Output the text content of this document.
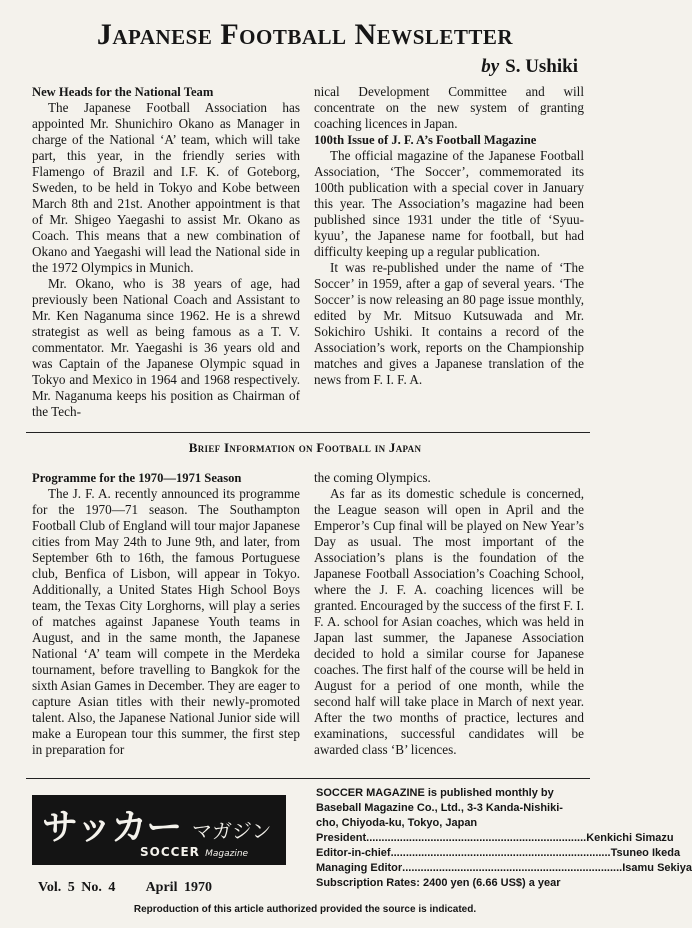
Japanese Football Newsletter
by S. Ushiki
New Heads for the National Team

The Japanese Football Association has appointed Mr. Shunichiro Okano as Manager in charge of the National ‘A’ team, which will take part, this year, in the friendly series with Flamengo of Brazil and I.F. K. of Goteborg, Sweden, to be held in Tokyo and Kobe between March 8th and 21st. Another appointment is that of Mr. Shigeo Yaegashi to assist Mr. Okano as Coach. This means that a new combination of Okano and Yaegashi will lead the National side in the 1972 Olympics in Munich.

Mr. Okano, who is 38 years of age, had previously been National Coach and Assistant to Mr. Ken Naganuma since 1962. He is a shrewd strategist as well as being famous as a T. V. commentator. Mr. Yaegashi is 36 years old and was Captain of the Japanese Olympic squad in Tokyo and Mexico in 1964 and 1968 respectively. Mr. Naganuma keeps his position as Chairman of the Tech-

nical Development Committee and will concentrate on the new system of granting coaching licences in Japan.

100th Issue of J. F. A’s Football Magazine

The official magazine of the Japanese Football Association, ‘The Soccer’, commemorated its 100th publication with a special cover in January this year. The Association’s magazine had been published since 1931 under the title of ‘Syuu-kyuu’, the Japanese name for football, but had difficulty keeping up a regular publication.

It was re-published under the name of ‘The Soccer’ in 1959, after a gap of several years. ‘The Soccer’ is now releasing an 80 page issue monthly, edited by Mr. Mitsuo Kutsuwada and Mr. Sokichiro Ushiki. It contains a record of the Association’s work, reports on the Championship matches and gives a Japanese translation of the news from F. I. F. A.

Brief Information on Football in Japan
Programme for the 1970—1971 Season

The J. F. A. recently announced its programme for the 1970—71 season. The Southampton Football Club of England will tour major Japanese cities from May 24th to June 9th, and later, from September 6th to 16th, the famous Portuguese club, Benfica of Lisbon, will appear in Tokyo. Additionally, a United States High School Boys team, the Texas City Lorghorns, will play a series of matches against Japanese Youth teams in August, and in the same month, the Japanese National ‘A’ team will compete in the Merdeka tournament, before travelling to Bangkok for the sixth Asian Games in December. They are eager to capture Asian titles with their newly-promoted talent. Also, the Japanese National Junior side will make a European tour this summer, the first step in preparation for

the coming Olympics.

As far as its domestic schedule is concerned, the League season will open in April and the Emperor’s Cup final will be played on New Year’s Day as usual. The most important of the Association’s plans is the foundation of the Japanese Football Association’s Coaching School, where the J. F. A. coaching licences will be granted. Encouraged by the success of the first F. I. F. A. school for Asian coaches, which was held in Japan last summer, the Japanese Association decided to hold a similar course for Japanese coaches. The first half of the course will be held in August for a period of one month, while the second half will take place in March of next year. After the two months of practice, lectures and examinations, successful candidates will be awarded class ‘B’ licences.

サッカー マガジン
SOCCER Magazine
Vol. 5 No. 4 April 1970
SOCCER MAGAZINE is published monthly by
Baseball Magazine Co., Ltd., 3-3 Kanda-Nishiki-
cho, Chiyoda-ku, Tokyo, Japan
President ........................................................................ Kenkichi Simazu
Editor-in-chief ........................................................................ Tsuneo Ikeda
Managing Editor ........................................................................ Isamu Sekiya
Subscription Rates: 2400 yen (6.66 US$) a year
Reproduction of this article authorized provided the source is indicated.
